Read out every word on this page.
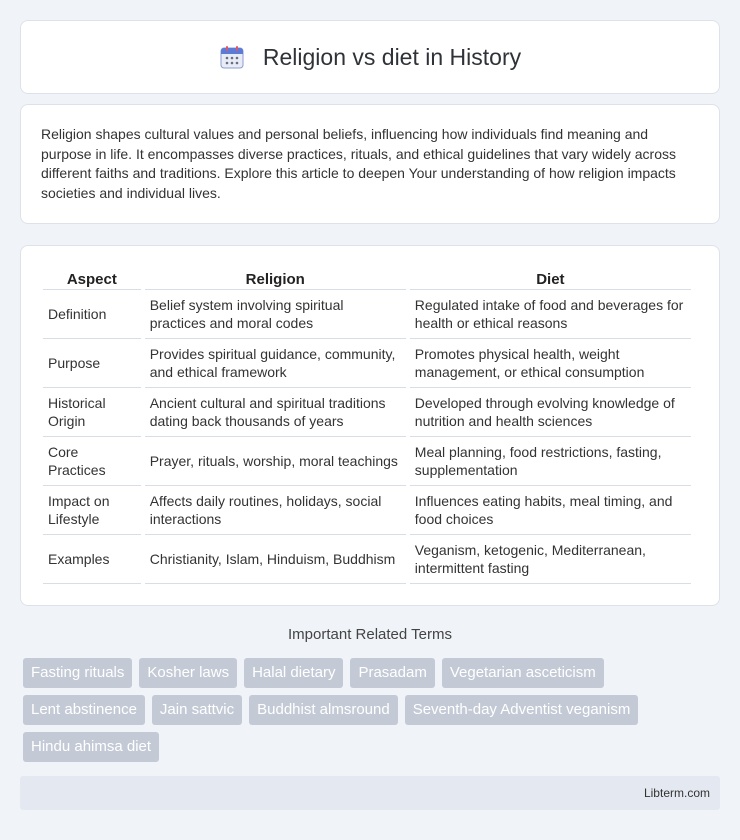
Religion vs diet in History

Religion shapes cultural values and personal beliefs, influencing how individuals find meaning and purpose in life. It encompasses diverse practices, rituals, and ethical guidelines that vary widely across different faiths and traditions. Explore this article to deepen Your understanding of how religion impacts societies and individual lives.

Aspect	Religion	Diet
Definition	Belief system involving spiritual practices and moral codes	Regulated intake of food and beverages for health or ethical reasons
Purpose	Provides spiritual guidance, community, and ethical framework	Promotes physical health, weight management, or ethical consumption
Historical Origin	Ancient cultural and spiritual traditions dating back thousands of years	Developed through evolving knowledge of nutrition and health sciences
Core Practices	Prayer, rituals, worship, moral teachings	Meal planning, food restrictions, fasting, supplementation
Impact on Lifestyle	Affects daily routines, holidays, social interactions	Influences eating habits, meal timing, and food choices
Examples	Christianity, Islam, Hinduism, Buddhism	Veganism, ketogenic, Mediterranean, intermittent fasting
Important Related Terms
Fasting rituals	Kosher laws	Halal dietary	Prasadam	Vegetarian asceticism
Lent abstinence	Jain sattvic	Buddhist almsround	Seventh-day Adventist veganism
Hindu ahimsa diet
Libterm.com
